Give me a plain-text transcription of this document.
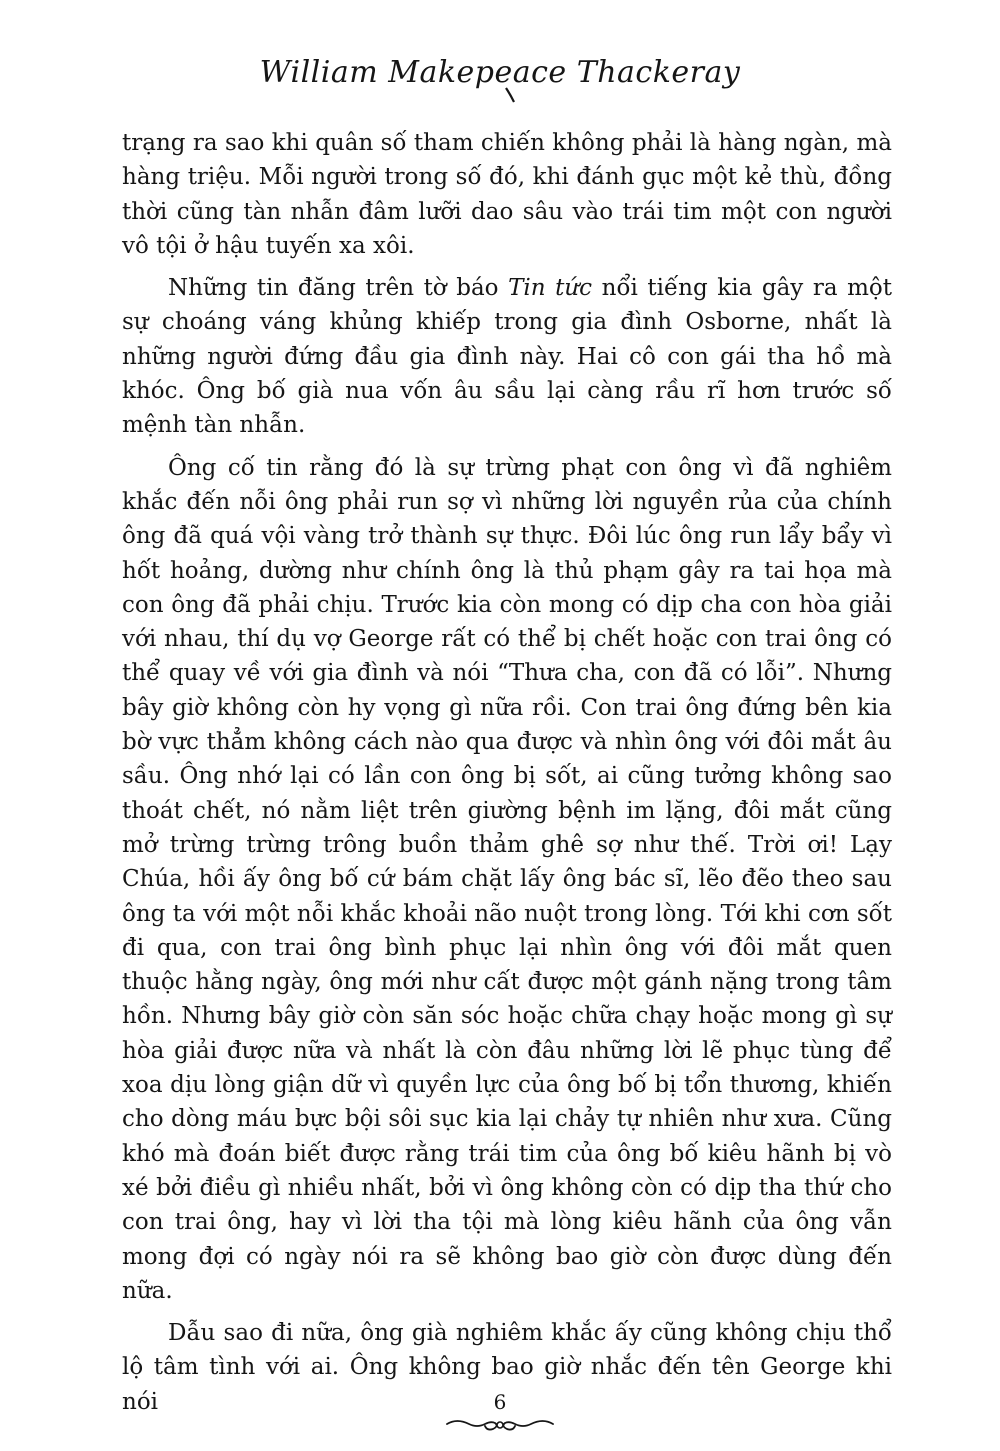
William Makepeace Thackeray

trạng ra sao khi quân số tham chiến không phải là hàng ngàn, mà hàng triệu. Mỗi người trong số đó, khi đánh gục một kẻ thù, đồng thời cũng tàn nhẫn đâm lưỡi dao sâu vào trái tim một con người vô tội ở hậu tuyến xa xôi.

Những tin đăng trên tờ báo Tin tức nổi tiếng kia gây ra một sự choáng váng khủng khiếp trong gia đình Osborne, nhất là những người đứng đầu gia đình này. Hai cô con gái tha hồ mà khóc. Ông bố già nua vốn âu sầu lại càng rầu rĩ hơn trước số mệnh tàn nhẫn.

Ông cố tin rằng đó là sự trừng phạt con ông vì đã nghiêm khắc đến nỗi ông phải run sợ vì những lời nguyền rủa của chính ông đã quá vội vàng trở thành sự thực. Đôi lúc ông run lẩy bẩy vì hốt hoảng, dường như chính ông là thủ phạm gây ra tai họa mà con ông đã phải chịu. Trước kia còn mong có dịp cha con hòa giải với nhau, thí dụ vợ George rất có thể bị chết hoặc con trai ông có thể quay về với gia đình và nói “Thưa cha, con đã có lỗi”. Nhưng bây giờ không còn hy vọng gì nữa rồi. Con trai ông đứng bên kia bờ vực thẳm không cách nào qua được và nhìn ông với đôi mắt âu sầu. Ông nhớ lại có lần con ông bị sốt, ai cũng tưởng không sao thoát chết, nó nằm liệt trên giường bệnh im lặng, đôi mắt cũng mở trừng trừng trông buồn thảm ghê sợ như thế. Trời ơi! Lạy Chúa, hồi ấy ông bố cứ bám chặt lấy ông bác sĩ, lẽo đẽo theo sau ông ta với một nỗi khắc khoải não nuột trong lòng. Tới khi cơn sốt đi qua, con trai ông bình phục lại nhìn ông với đôi mắt quen thuộc hằng ngày, ông mới như cất được một gánh nặng trong tâm hồn. Nhưng bây giờ còn săn sóc hoặc chữa chạy hoặc mong gì sự hòa giải được nữa và nhất là còn đâu những lời lẽ phục tùng để xoa dịu lòng giận dữ vì quyền lực của ông bố bị tổn thương, khiến cho dòng máu bực bội sôi sục kia lại chảy tự nhiên như xưa. Cũng khó mà đoán biết được rằng trái tim của ông bố kiêu hãnh bị vò xé bởi điều gì nhiều nhất, bởi vì ông không còn có dịp tha thứ cho con trai ông, hay vì lời tha tội mà lòng kiêu hãnh của ông vẫn mong đợi có ngày nói ra sẽ không bao giờ còn được dùng đến nữa.

Dẫu sao đi nữa, ông già nghiêm khắc ấy cũng không chịu thổ lộ tâm tình với ai. Ông không bao giờ nhắc đến tên George khi nói	6
